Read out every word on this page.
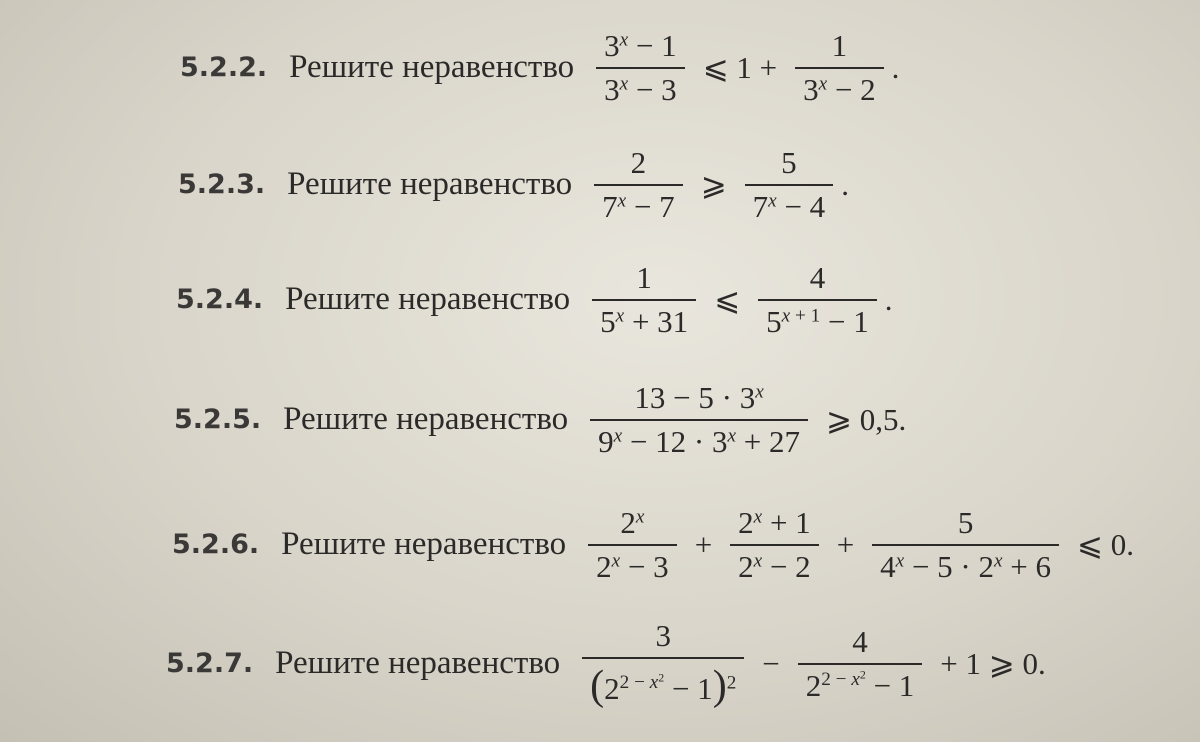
5.2.2. Решите неравенство $\frac{3^x - 1}{3^x - 3}$ ⩽ $1 + \frac{1}{3^x - 2}$ .
5.2.3. Решите неравенство $\frac{2}{7^x - 7}$ ⩾ $\frac{5}{7^x - 4}$ .
5.2.4. Решите неравенство $\frac{1}{5^x + 31}$ ⩽ $\frac{4}{5^{x + 1} - 1}$ .
5.2.5. Решите неравенство $\frac{13 - 5 \cdot 3^x}{9^x - 12 \cdot 3^x + 27}$ ⩾ 0,5.
5.2.6. Решите неравенство $\frac{2^x}{2^x - 3} + \frac{2^x + 1}{2^x - 2} + \frac{5}{4^x - 5 \cdot 2^x + 6}$ ⩽ 0.
5.2.7. Решите неравенство $\frac{3}{(2^{2 - x^2} - 1)^2} - \frac{4}{2^{2 - x^2} - 1} + 1$ ⩾ 0.
